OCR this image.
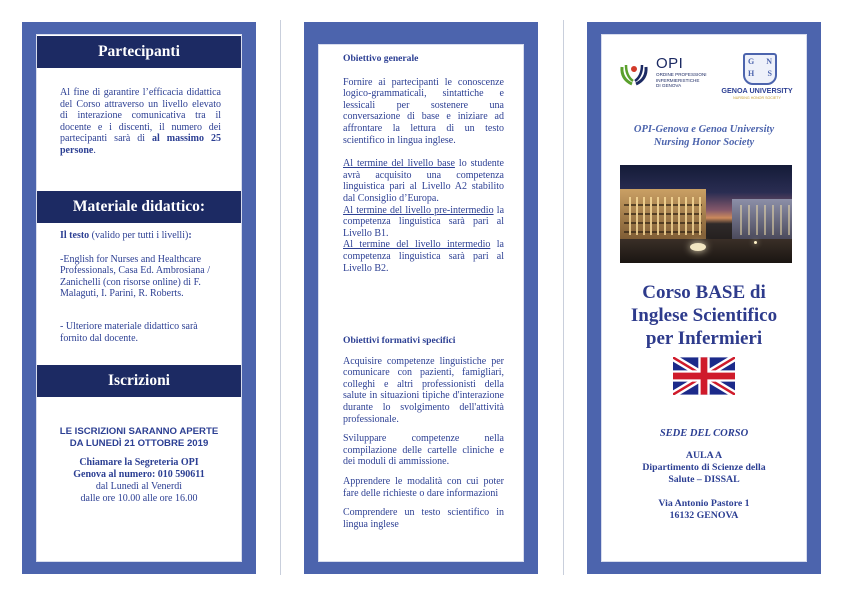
Partecipanti
Al fine di garantire l’efficacia didattica del Corso attraverso un livello elevato di interazione comunicativa tra il docente e i discenti, il numero dei partecipanti sarà di al massimo 25 persone.
Materiale didattico:

Il testo (valido per tutti i livelli):

-English for Nurses and Healthcare Professionals, Casa Ed. Ambrosiana / Zanichelli (con risorse online) di F. Malaguti, I. Parini, R. Roberts.

- Ulteriore materiale didattico sarà fornito dal docente.

Iscrizioni
LE ISCRIZIONI SARANNO APERTE
DA LUNEDÌ 21 OTTOBRE 2019
Chiamare la Segreteria OPI
Genova al numero: 010 590611
dal Lunedì al Venerdì
dalle ore 10.00 alle ore 16.00

Obiettivo generale

Fornire ai partecipanti le conoscenze logico-grammaticali, sintattiche e lessicali per sostenere una conversazione di base e iniziare ad affrontare la lettura di un testo scientifico in lingua inglese.

Al termine del livello base lo studente avrà acquisito una competenza linguistica pari al Livello A2 stabilito dal Consiglio d’Europa.

Al termine del livello pre-intermedio la competenza linguistica sarà pari al Livello B1.

Al termine del livello intermedio la competenza linguistica sarà pari al Livello B2.

Obiettivi formativi specifici

Acquisire competenze linguistiche per comunicare con pazienti, famigliari, colleghi e altri professionisti della salute in situazioni tipiche d'interazione durante lo svolgimento dell'attività professionale.

Sviluppare competenze nella compilazione delle cartelle cliniche e dei moduli di ammissione.

Apprendere le modalità con cui poter fare delle richieste o dare informazioni

Comprendere un testo scientifico in lingua inglese

OPI
ORDINE PROFESSIONI
INFERMIERISTICHE
DI GENOVA
G N
H S
GENOA UNIVERSITY
NURSING HONOR SOCIETY
OPI-Genova e Genoa University
Nursing Honor Society
Corso BASE di
Inglese Scientifico
per Infermieri
SEDE DEL CORSO
AULA A
Dipartimento di Scienze della
Salute – DISSAL
Via Antonio Pastore 1
16132 GENOVA
